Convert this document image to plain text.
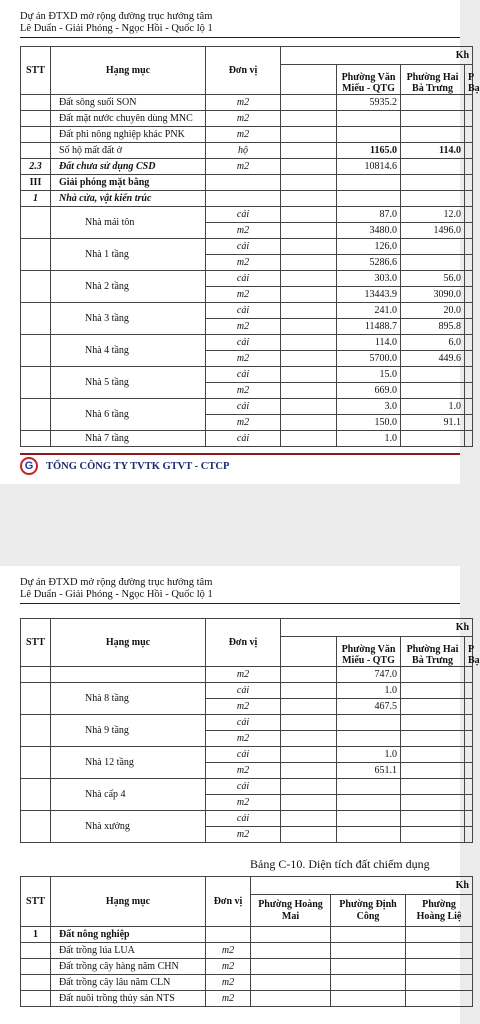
Dự án ĐTXD mở rộng đường trục hướng tâm
Lê Duẩn - Giải Phóng - Ngọc Hồi - Quốc lộ 1
STT	Hạng mục	Đơn vị	Kh			
				Phường Văn Miếu - QTG	Phường Hai Bà Trưng	P Bạ
	Đất sông suối SON	m2		5935.2		
	Đất mặt nước chuyên dùng MNC	m2				
	Đất phi nông nghiệp khác PNK	m2				
	Số hộ mất đất ở	hộ		1165.0	114.0	
2.3	Đất chưa sử dụng CSD	m2		10814.6		
III	Giải phóng mặt bằng					
1	Nhà cửa, vật kiến trúc					
	Nhà mái tôn	cái		87.0	12.0	
		m2		3480.0	1496.0	
	Nhà 1 tầng	cái		126.0		
		m2		5286.6		
	Nhà 2 tầng	cái		303.0	56.0	
		m2		13443.9	3090.0	
	Nhà 3 tầng	cái		241.0	20.0	
		m2		11488.7	895.8	
	Nhà 4 tầng	cái		114.0	6.0	
		m2		5700.0	449.6	
	Nhà 5 tầng	cái		15.0		
		m2		669.0		
	Nhà 6 tầng	cái		3.0	1.0	
		m2		150.0	91.1	
	Nhà 7 tầng	cái		1.0		
G	TỔNG CÔNG TY TVTK GTVT - CTCP
Dự án ĐTXD mở rộng đường trục hướng tâm
Lê Duẩn - Giải Phóng - Ngọc Hồi - Quốc lộ 1
STT	Hạng mục	Đơn vị	Kh			
				Phường Văn Miếu - QTG	Phường Hai Bà Trưng	P Bạ
		m2		747.0		
	Nhà 8 tầng	cái		1.0		
		m2		467.5		
	Nhà 9 tầng	cái				
		m2				
	Nhà 12 tầng	cái		1.0		
		m2		651.1		
	Nhà cấp 4	cái				
		m2				
	Nhà xưởng	cái				
		m2				
Bảng C-10. Diện tích đất chiếm dụng
STT	Hạng mục	Đơn vị	Kh		
			Phường Hoàng Mai	Phường Định Công	Phường Hoàng Liệ
1	Đất nông nghiệp				
	Đất trồng lúa LUA	m2			
	Đất trồng cây hàng năm CHN	m2			
	Đất trồng cây lâu năm CLN	m2			
	Đất nuôi trồng thủy sản NTS	m2			
